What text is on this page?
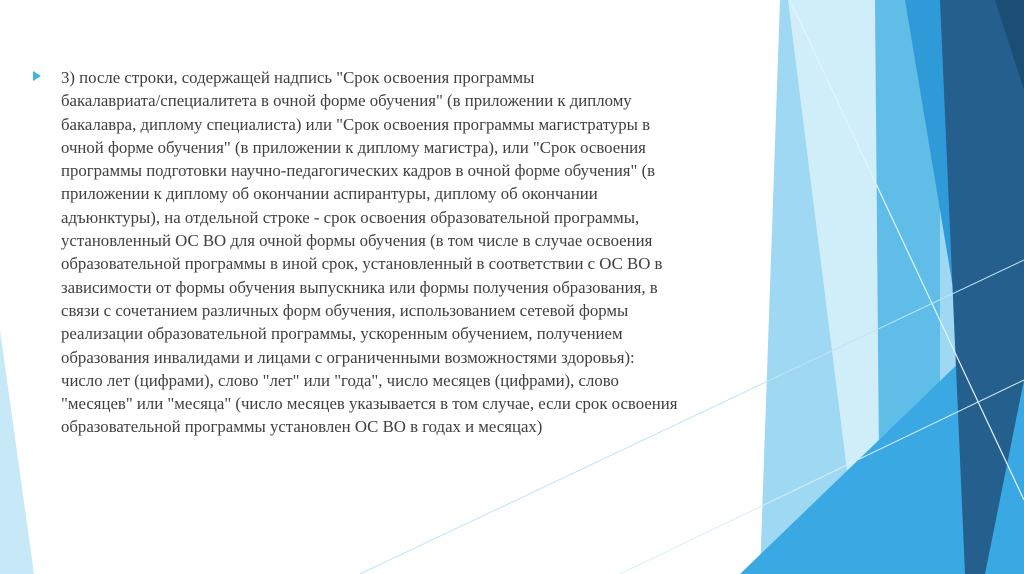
3) после строки, содержащей надпись "Срок освоения программы
бакалавриата/специалитета в очной форме обучения" (в приложении к диплому
бакалавра, диплому специалиста) или "Срок освоения программы магистратуры в
очной форме обучения" (в приложении к диплому магистра), или "Срок освоения
программы подготовки научно-педагогических кадров в очной форме обучения" (в
приложении к диплому об окончании аспирантуры, диплому об окончании
адъюнктуры), на отдельной строке - срок освоения образовательной программы,
установленный ОС ВО для очной формы обучения (в том числе в случае освоения
образовательной программы в иной срок, установленный в соответствии с ОС ВО в
зависимости от формы обучения выпускника или формы получения образования, в
связи с сочетанием различных форм обучения, использованием сетевой формы
реализации образовательной программы, ускоренным обучением, получением
образования инвалидами и лицами с ограниченными возможностями здоровья):
число лет (цифрами), слово "лет" или "года", число месяцев (цифрами), слово
"месяцев" или "месяца" (число месяцев указывается в том случае, если срок освоения
образовательной программы установлен ОС ВО в годах и месяцах)
